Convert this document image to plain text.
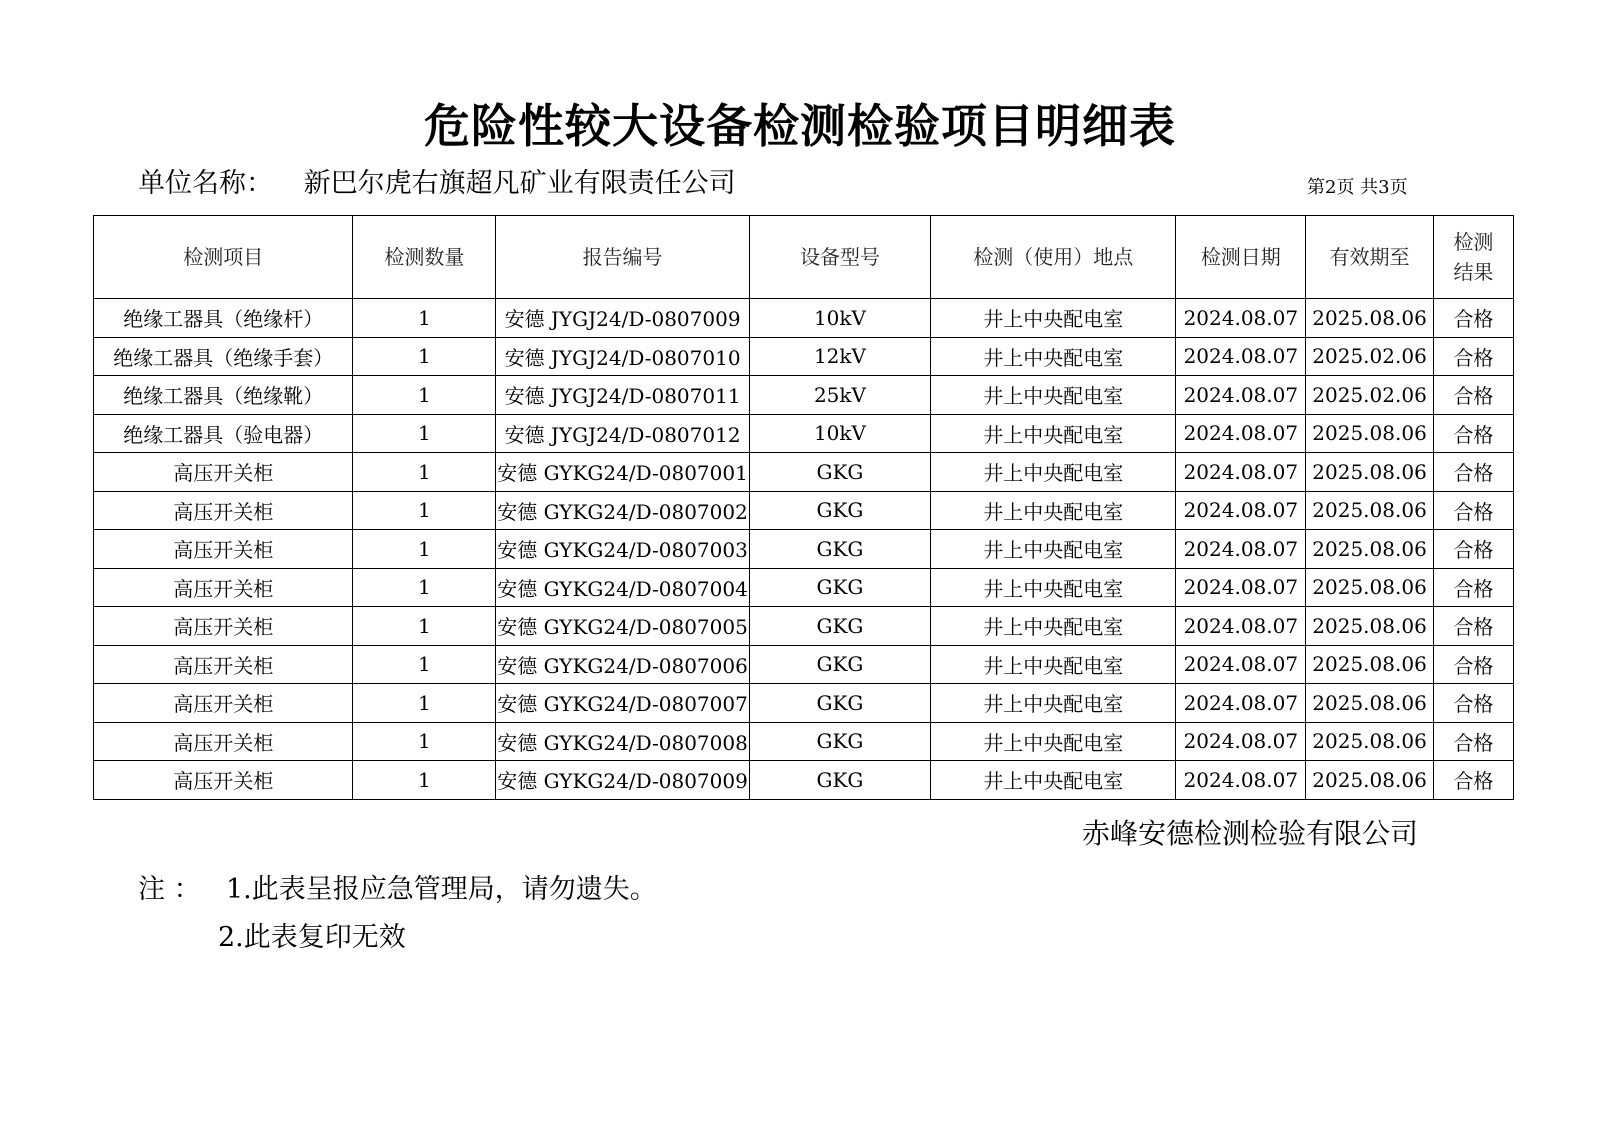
危险性较大设备检测检验项目明细表
单位名称： 新巴尔虎右旗超凡矿业有限责任公司	第2页 共3页
检测项目	检测数量	报告编号	设备型号	检测（使用）地点	检测日期	有效期至	检测
结果
绝缘工器具（绝缘杆）	1	安德 JYGJ24/D-0807009	10kV	井上中央配电室	2024.08.07	2025.08.06	合格
绝缘工器具（绝缘手套）	1	安德 JYGJ24/D-0807010	12kV	井上中央配电室	2024.08.07	2025.02.06	合格
绝缘工器具（绝缘靴）	1	安德 JYGJ24/D-0807011	25kV	井上中央配电室	2024.08.07	2025.02.06	合格
绝缘工器具（验电器）	1	安德 JYGJ24/D-0807012	10kV	井上中央配电室	2024.08.07	2025.08.06	合格
高压开关柜	1	安德 GYKG24/D-0807001	GKG	井上中央配电室	2024.08.07	2025.08.06	合格
高压开关柜	1	安德 GYKG24/D-0807002	GKG	井上中央配电室	2024.08.07	2025.08.06	合格
高压开关柜	1	安德 GYKG24/D-0807003	GKG	井上中央配电室	2024.08.07	2025.08.06	合格
高压开关柜	1	安德 GYKG24/D-0807004	GKG	井上中央配电室	2024.08.07	2025.08.06	合格
高压开关柜	1	安德 GYKG24/D-0807005	GKG	井上中央配电室	2024.08.07	2025.08.06	合格
高压开关柜	1	安德 GYKG24/D-0807006	GKG	井上中央配电室	2024.08.07	2025.08.06	合格
高压开关柜	1	安德 GYKG24/D-0807007	GKG	井上中央配电室	2024.08.07	2025.08.06	合格
高压开关柜	1	安德 GYKG24/D-0807008	GKG	井上中央配电室	2024.08.07	2025.08.06	合格
高压开关柜	1	安德 GYKG24/D-0807009	GKG	井上中央配电室	2024.08.07	2025.08.06	合格
赤峰安德检测检验有限公司
注 ： 1.此表呈报应急管理局，请勿遗失。
2.此表复印无效
